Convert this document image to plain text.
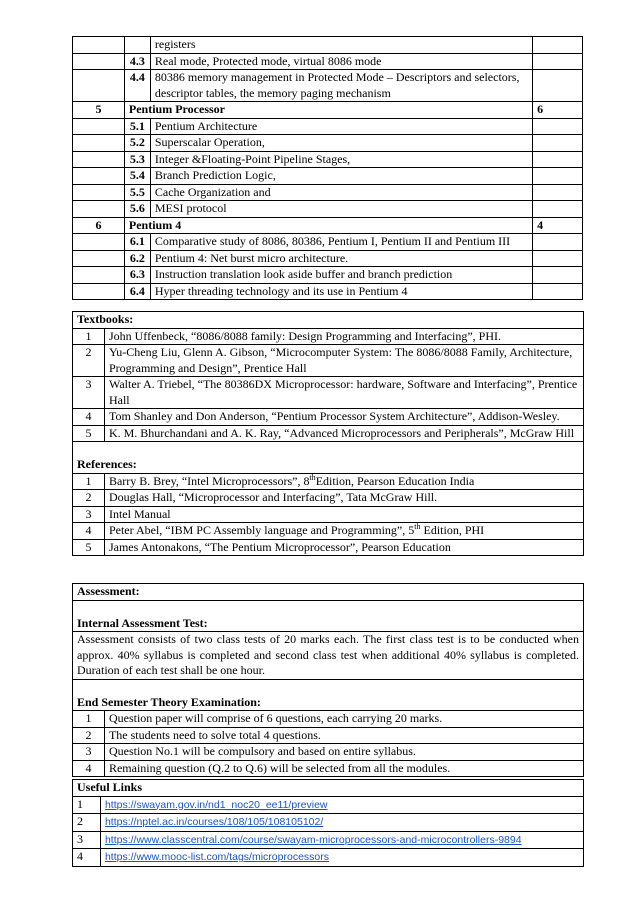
		registers	
	4.3	Real mode, Protected mode, virtual 8086 mode	
	4.4	80386 memory management in Protected Mode – Descriptors and selectors, descriptor tables, the memory paging mechanism	
5	Pentium Processor		6
	5.1	Pentium Architecture	
	5.2	Superscalar Operation,	
	5.3	Integer &Floating-Point Pipeline Stages,	
	5.4	Branch Prediction Logic,	
	5.5	Cache Organization and	
	5.6	MESI protocol	
6	Pentium 4		4
	6.1	Comparative study of 8086, 80386, Pentium I, Pentium II and Pentium III	
	6.2	Pentium 4: Net burst micro architecture.	
	6.3	Instruction translation look aside buffer and branch prediction	
	6.4	Hyper threading technology and its use in Pentium 4	
Textbooks:	
1	John Uffenbeck, “8086/8088 family: Design Programming and Interfacing”, PHI.
2	Yu-Cheng Liu, Glenn A. Gibson, “Microcomputer System: The 8086/8088 Family, Architecture, Programming and Design”, Prentice Hall
3	Walter A. Triebel, “The 80386DX Microprocessor: hardware, Software and Interfacing”, Prentice Hall
4	Tom Shanley and Don Anderson, “Pentium Processor System Architecture”, Addison-Wesley.
5	K. M. Bhurchandani and A. K. Ray, “Advanced Microprocessors and Peripherals”, McGraw Hill
References:	
1	Barry B. Brey, “Intel Microprocessors”, 8thEdition, Pearson Education India
2	Douglas Hall, “Microprocessor and Interfacing”, Tata McGraw Hill.
3	Intel Manual
4	Peter Abel, “IBM PC Assembly language and Programming”, 5th Edition, PHI
5	James Antonakons, “The Pentium Microprocessor”, Pearson Education
Assessment:	
Internal Assessment Test:	
Assessment consists of two class tests of 20 marks each. The first class test is to be conducted when approx. 40% syllabus is completed and second class test when additional 40% syllabus is completed. Duration of each test shall be one hour.	
End Semester Theory Examination:	
1	Question paper will comprise of 6 questions, each carrying 20 marks.
2	The students need to solve total 4 questions.
3	Question No.1 will be compulsory and based on entire syllabus.
4	Remaining question (Q.2 to Q.6) will be selected from all the modules.
Useful Links	
1	https://swayam.gov.in/nd1_noc20_ee11/preview
2	https://nptel.ac.in/courses/108/105/108105102/
3	https://www.classcentral.com/course/swayam-microprocessors-and-microcontrollers-9894
4	https://www.mooc-list.com/tags/microprocessors
